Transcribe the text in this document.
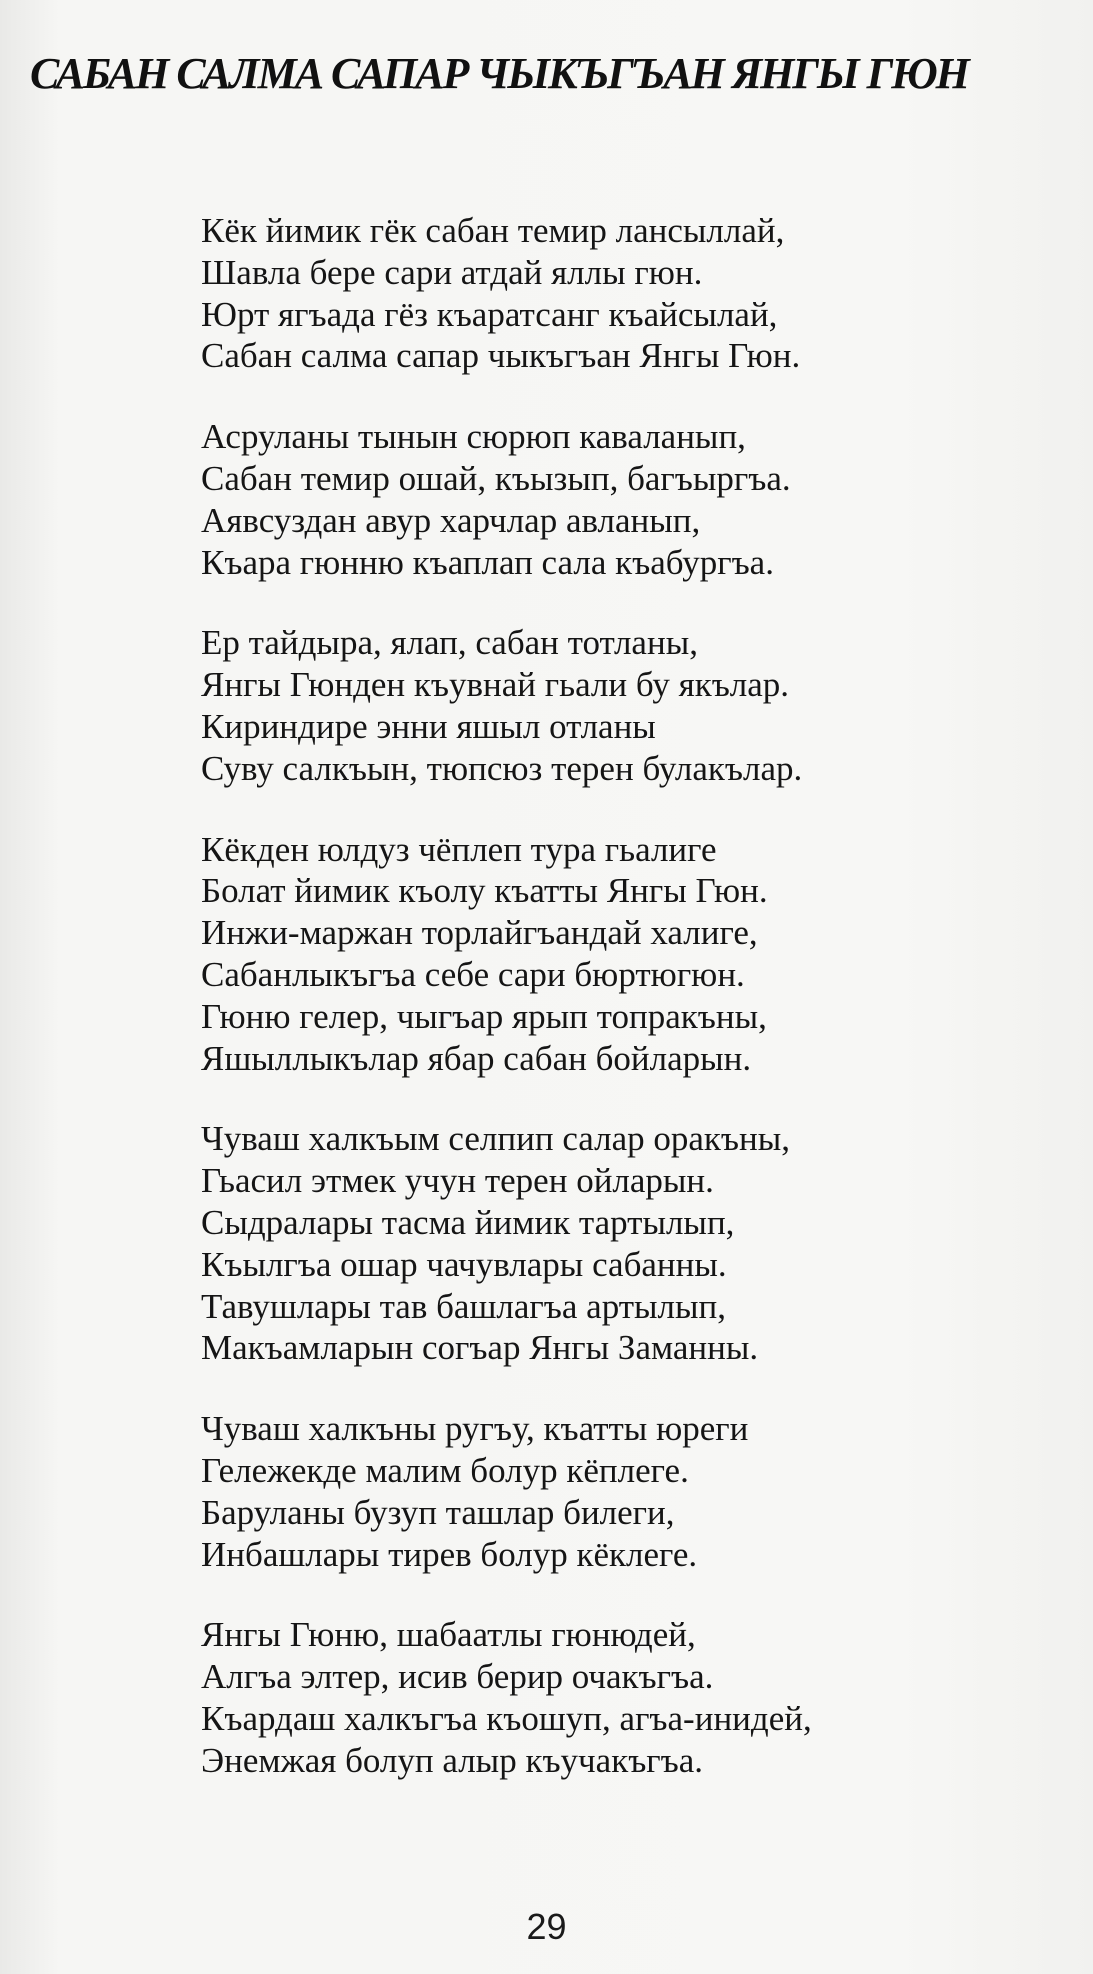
САБАН САЛМА САПАР ЧЫКЪГЪАН ЯНГЫ ГЮН
Кёк йимик гёк сабан темир лансыллай,
Шавла бере сари атдай яллы гюн.
Юрт ягъада гёз къаратсанг къайсылай,
Сабан салма сапар чыкъгъан Янгы Гюн.
Асруланы тынын сюрюп каваланып,
Сабан темир ошай, къызып, багъыргъа.
Аявсуздан авур харчлар авланып,
Къара гюнню къаплап сала къабургъа.
Ер тайдыра, ялап, сабан тотланы,
Янгы Гюнден къувнай гьали бу якълар.
Кириндире энни яшыл отланы
Суву салкъын, тюпсюз терен булакълар.
Кёкден юлдуз чёплеп тура гьалиге
Болат йимик къолу къатты Янгы Гюн.
Инжи-маржан торлайгъандай халиге,
Сабанлыкъгъа себе сари бюртюгюн.
Гюню гелер, чыгъар ярып топракъны,
Яшыллыкълар ябар сабан бойларын.
Чуваш халкъым селпип салар оракъны,
Гьасил этмек учун терен ойларын.
Сыдралары тасма йимик тартылып,
Къылгъа ошар чачувлары сабанны.
Тавушлары тав башлагъа артылып,
Макъамларын согъар Янгы Заманны.
Чуваш халкъны ругъу, къатты юреги
Гележекде малим болур кёплеге.
Баруланы бузуп ташлар билеги,
Инбашлары тирев болур кёклеге.
Янгы Гюню, шабаатлы гюнюдей,
Алгъа элтер, исив берир очакъгъа.
Къардаш халкъгъа къошуп, агъа-инидей,
Энемжая болуп алыр къучакъгъа.
29
